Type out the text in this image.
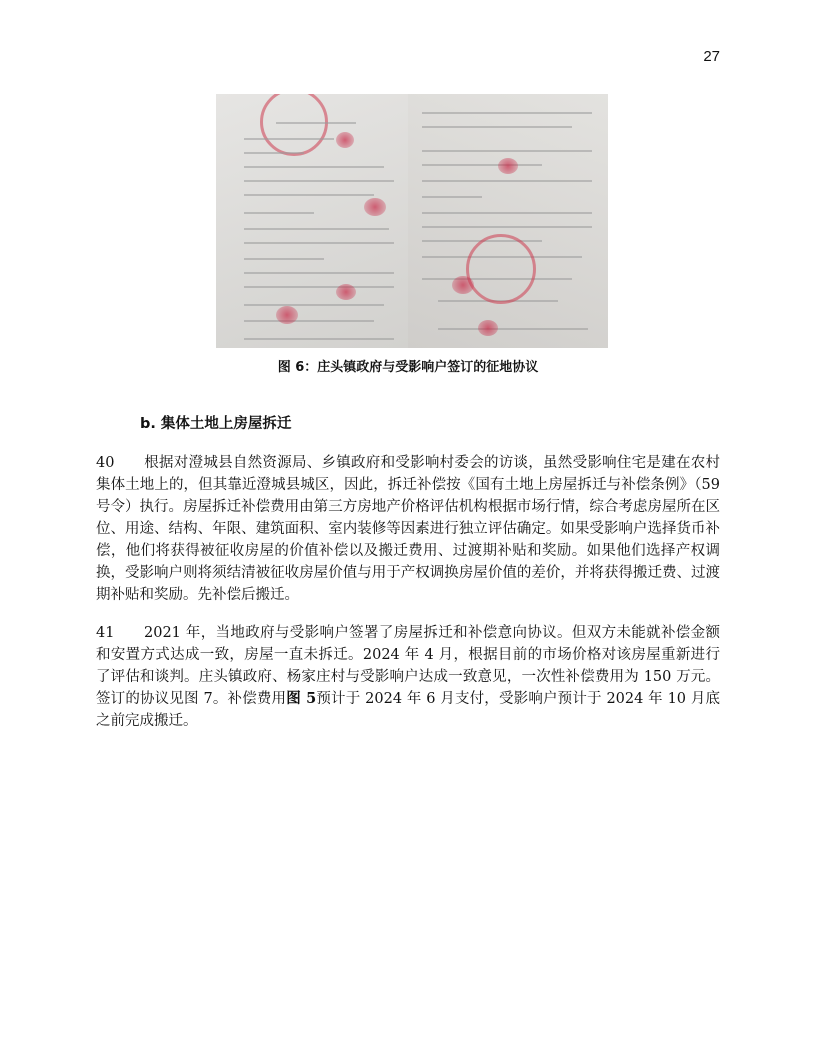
27
图 6：庄头镇政府与受影响户签订的征地协议
b. 集体土地上房屋拆迁
40 根据对澄城县自然资源局、乡镇政府和受影响村委会的访谈，虽然受影响住宅是建在农村集体土地上的，但其靠近澄城县城区，因此，拆迁补偿按《国有土地上房屋拆迁与补偿条例》（59号令）执行。房屋拆迁补偿费用由第三方房地产价格评估机构根据市场行情，综合考虑房屋所在区位、用途、结构、年限、建筑面积、室内装修等因素进行独立评估确定。如果受影响户选择货币补偿，他们将获得被征收房屋的价值补偿以及搬迁费用、过渡期补贴和奖励。如果他们选择产权调换，受影响户则将须结清被征收房屋价值与用于产权调换房屋价值的差价，并将获得搬迁费、过渡期补贴和奖励。先补偿后搬迁。
41 2021 年，当地政府与受影响户签署了房屋拆迁和补偿意向协议。但双方未能就补偿金额和安置方式达成一致，房屋一直未拆迁。2024 年 4 月，根据目前的市场价格对该房屋重新进行了评估和谈判。庄头镇政府、杨家庄村与受影响户达成一致意见，一次性补偿费用为 150 万元。签订的协议见图 7。补偿费用图 5预计于 2024 年 6 月支付，受影响户预计于 2024 年 10 月底之前完成搬迁。
